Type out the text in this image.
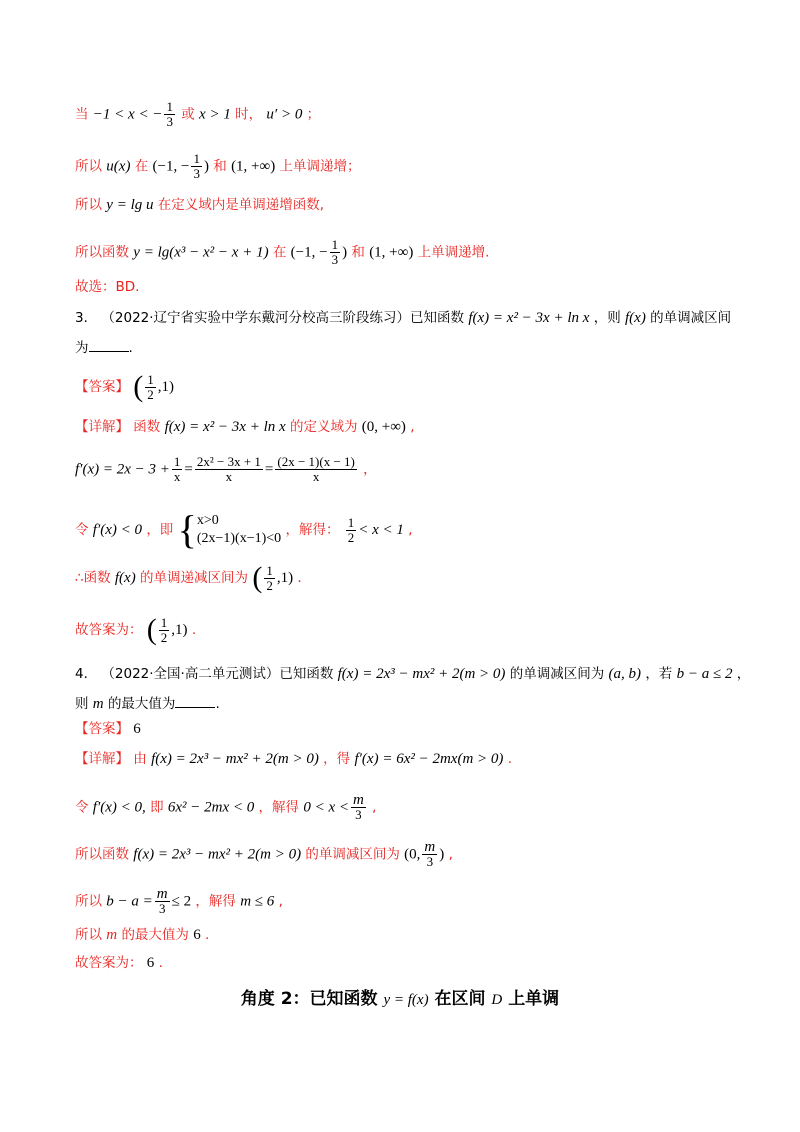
当 −1 < x < − $\frac{1}{3}$ 或 x > 1 时， u′ > 0 ；
所以 u(x) 在 (−1, − $\frac{1}{3}$ ) 和 (1, +∞) 上单调递增；
所以 y = lg u 在定义域内是单调递增函数,
所以函数 y = lg(x³ − x² − x + 1) 在 (−1, − $\frac{1}{3}$ ) 和 (1, +∞) 上单调递增.
故选：BD.
3． （2022·辽宁省实验中学东戴河分校高三阶段练习）已知函数 f(x) = x² − 3x + ln x ，则 f(x) 的单调减区间
为	.
【答案】 ( $\frac{1}{2} ,1$)
【详解】 函数 f(x) = x² − 3x + ln x 的定义域为 (0, +∞) ,
$f'(x) = 2x - 3 + \frac{1}{x} = \frac{\text{2x² − 3x + 1}}{x} = \frac{(2x - 1)(x - 1)}{x}$ ，
令 f′(x) < 0 ，即 { x>0
(2x−1)(x−1)<0
，解得： $\frac{1}{2} < x < 1$ ,
∴函数 f(x) 的单调递减区间为 ( $\frac{1}{2} ,1$) .
故答案为： ( $\frac{1}{2} ,1$) .
4． （2022·全国·高二单元测试）已知函数 f(x) = 2x³ − mx² + 2(m > 0) 的单调减区间为 (a, b) ，若 b − a ≤ 2 ，
则 m 的最大值为	.
【答案】 6
【详解】 由 f(x) = 2x³ − mx² + 2(m > 0) ，得 f′(x) = 6x² − 2mx(m > 0) .
令 f′(x) < 0, 即 6x² − 2mx < 0 ，解得 $0 < x < \frac{m}{3}$ ,
所以函数 f(x) = 2x³ − mx² + 2(m > 0) 的单调减区间为 (0, $\frac{m}{3}$ ) ,
所以 $b - a = \frac{m}{3} \le 2$ ，解得 m ≤ 6 ,
所以 m 的最大值为 6 .
故答案为： 6 .
角度 2：已知函数 y = f(x) 在区间 D 上单调
